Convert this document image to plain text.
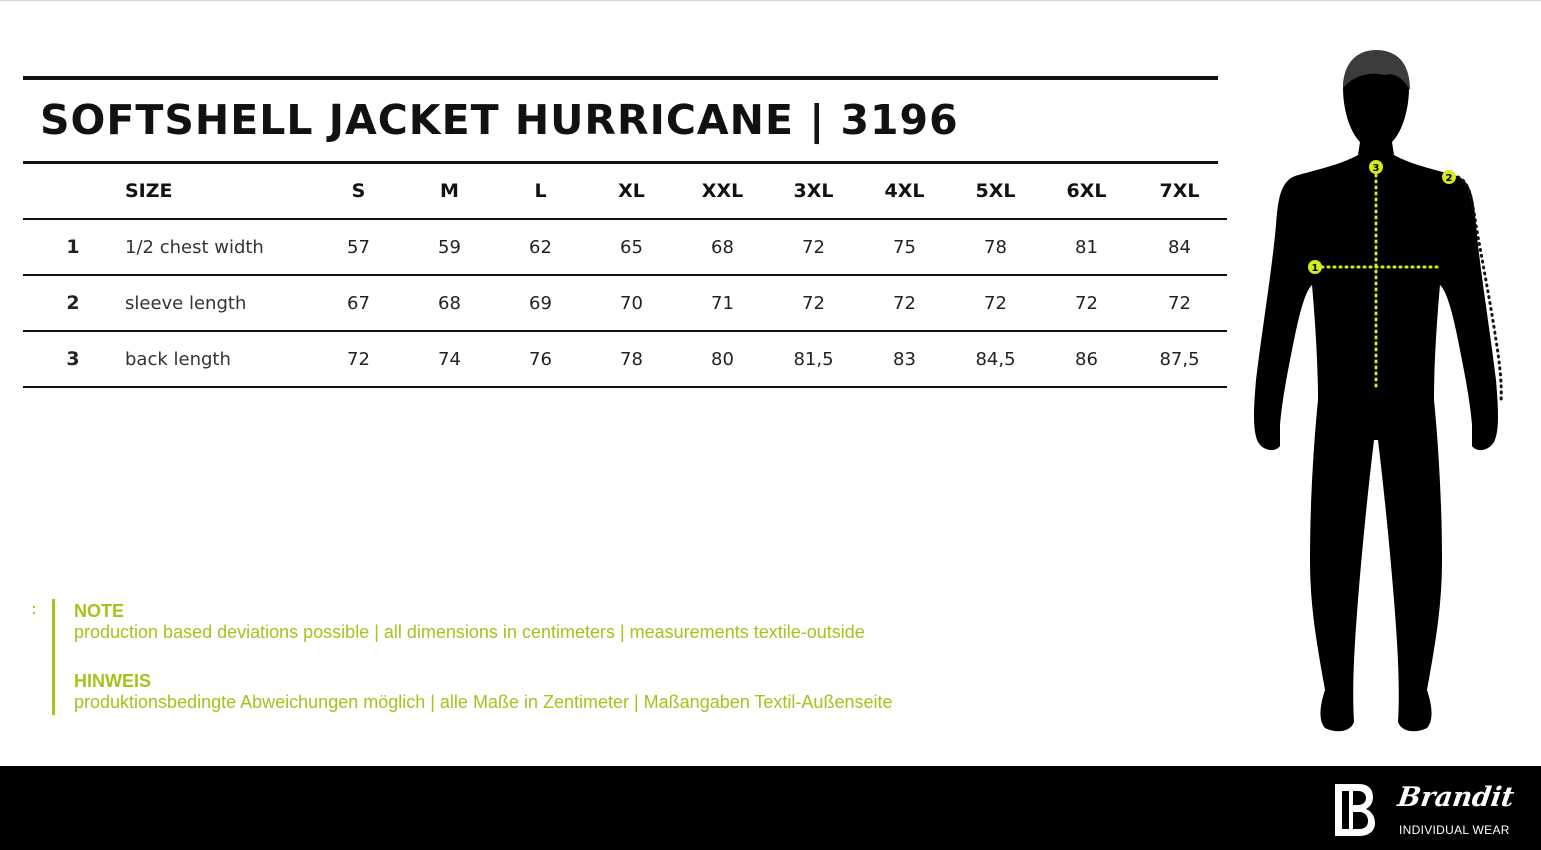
SOFTSHELL JACKET HURRICANE | 3196
	SIZE	S	M	L	XL	XXL	3XL	4XL	5XL	6XL	7XL
1	1/2 chest width	57	59	62	65	68	72	75	78	81	84
2	sleeve length	67	68	69	70	71	72	72	72	72	72
3	back length	72	74	76	78	80	81,5	83	84,5	86	87,5

NOTE

production based deviations possible | all dimensions in centimeters | measurements textile-outside

HINWEIS

produktionsbedingte Abweichungen möglich | alle Maße in Zentimeter | Maßangaben Textil-Außenseite

1
2
3
Brandit
INDIVIDUAL WEAR
